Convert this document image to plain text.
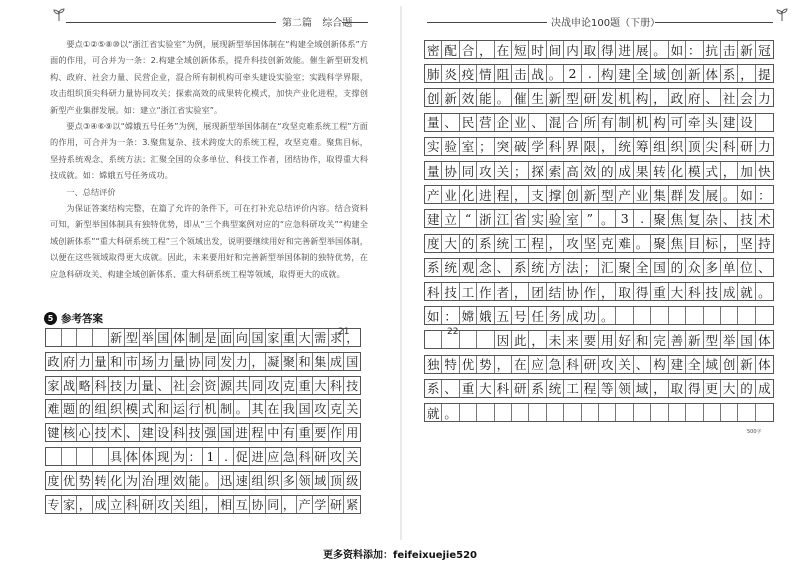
第二篇 综合题

要点①②⑤⑧⑩以“浙江省实验室”为例，展现新型举国体制在“构建全域创新体系”方面的作用，可合并为一条：2.构建全域创新体系，提升科技创新效能。催生新型研发机构、政府、社会力量、民营企业，混合所有制机构可牵头建设实验室；实践科学界限，攻击组织顶尖科研力量协同攻关；探索高效的成果转化模式，加快产业化进程，支撑创新型产业集群发展。如：建立“浙江省实验室”。

要点③④⑥⑨以“嫦娥五号任务”为例，展现新型举国体制在“攻坚克难系统工程”方面的作用，可合并为一条：3.聚焦复杂、技术跨度大的系统工程，攻坚克难。聚焦目标，坚持系统观念、系统方法；汇聚全国的众多单位、科技工作者，团结协作，取得重大科技成就。如：嫦娥五号任务成功。

一、总结评价

为保证答案结构完整，在篇了允许的条件下，可在打补充总结评价内容。结合资料可知，新型举国体制具有独特优势，即从“三个典型案例对应的“应急科研攻关”“构建全域创新体系”“重大科研系统工程”三个领域出发，说明要继续用好和完善新型举国体制，以便在这些领域取得更大成就。因此，未来要用好和完善新型举国体制的独特优势，在应急科研攻关、构建全域创新体系、重大科研系统工程等领域，取得更大的成就。

5 参考答案
新 型 举 国 体 制 是 面 向 国 家 重 大 需 求 ，
政 府 力 量 和 市 场 力 量 协 同 发 力 ， 凝 聚 和 集 成 国
家 战 略 科 技 力 量 、 社 会 资 源 共 同 攻 克 重 大 科 技
难 题 的 组 织 模 式 和 运 行 机 制 。 其 在 我 国 攻 克 关
键 核 心 技 术 、 建 设 科 技 强 国 进 程 中 有 重 要 作 用
具 体 体 现 为 ： 1 . 促 进 应 急 科 研 攻 关
度 优 势 转 化 为 治 理 效 能 。 迅 速 组 织 多 领 域 顶 级
专 家 ， 成 立 科 研 攻 关 组 ， 相 互 协 同 ， 产 学 研 紧
21
决战申论100题（下册）
密 配 合 ， 在 短 时 间 内 取 得 进 展 。 如 ： 抗 击 新 冠
肺 炎 疫 情 阻 击 战 。 2 . 构 建 全 域 创 新 体 系 ， 提
创 新 效 能 。 催 生 新 型 研 发 机 构 ， 政 府 、 社 会 力
量 、 民 营 企 业 、 混 合 所 有 制 机 构 可 牵 头 建 设
实 验 室 ； 突 破 学 科 界 限 ， 统 筹 组 织 顶 尖 科 研 力
量 协 同 攻 关 ； 探 索 高 效 的 成 果 转 化 模 式 ， 加 快
产 业 化 进 程 ， 支 撑 创 新 型 产 业 集 群 发 展 。 如 ：
建 立 “ 浙 江 省 实 验 室 ” 。 3 . 聚 焦 复 杂 、 技 术
度 大 的 系 统 工 程 ， 攻 坚 克 难 。 聚 焦 目 标 ， 坚 持
系 统 观 念 、 系 统 方 法 ； 汇 聚 全 国 的 众 多 单 位 、
科 技 工 作 者 ， 团 结 协 作 ， 取 得 重 大 科 技 成 就 。
如 ： 嫦 娥 五 号 任 务 成 功 。
因 此 ， 未 来 要 用 好 和 完 善 新 型 举 国 体
独 特 优 势 ， 在 应 急 科 研 攻 关 、 构 建 全 域 创 新 体
系 、 重 大 科 研 系 统 工 程 等 领 域 ， 取 得 更 大 的 成
就 。
500字
22
更多资料添加：feifeixuejie520
